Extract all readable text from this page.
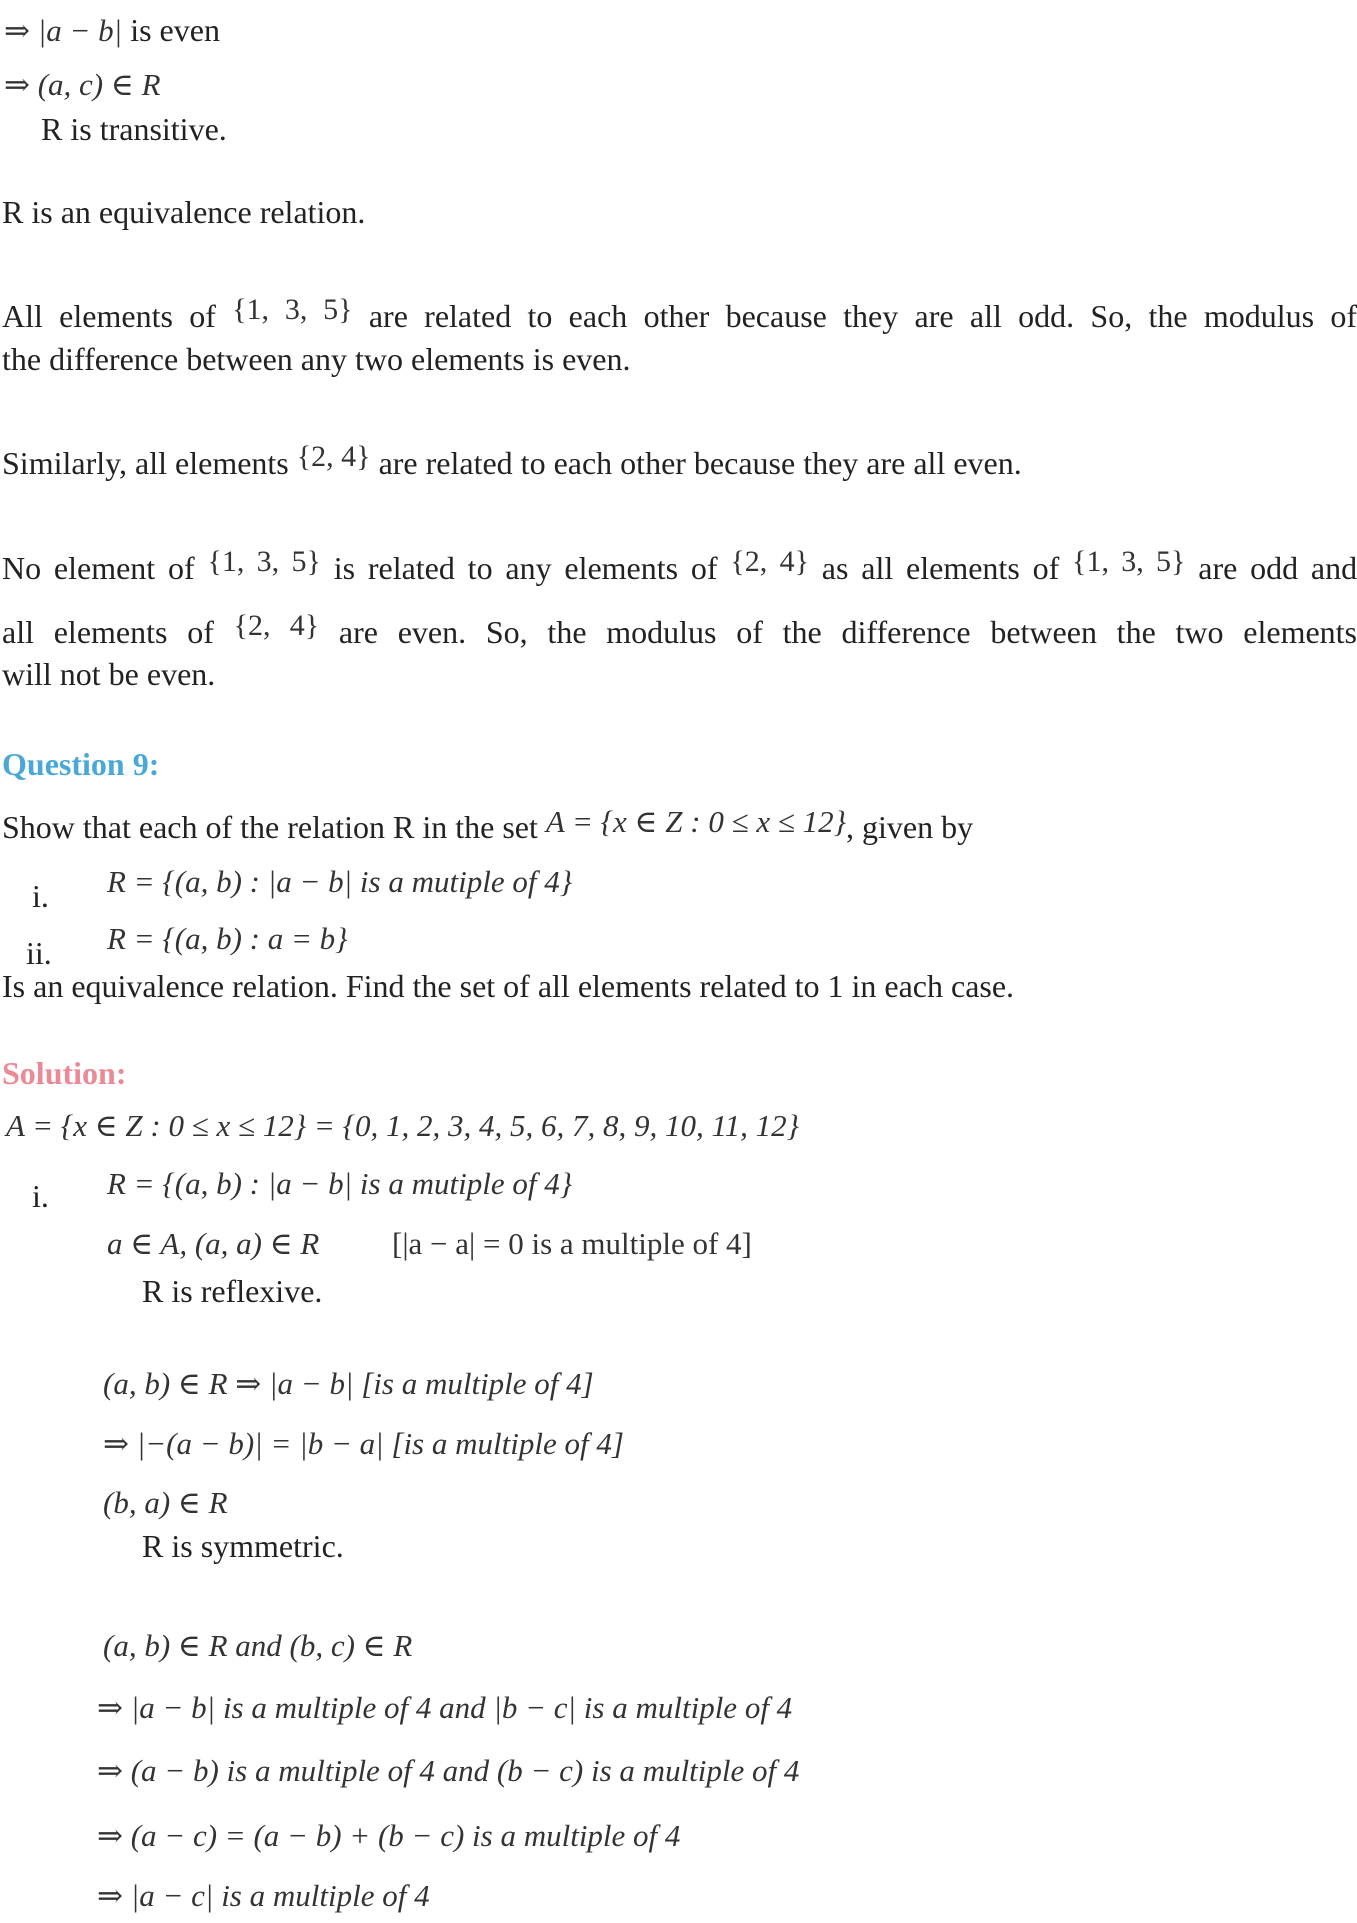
⇒ |a − b| is even
⇒ (a, c) ∈ R
R is transitive.
R is an equivalence relation.
All elements of {1, 3, 5} are related to each other because they are all odd. So, the modulus of
the difference between any two elements is even.
Similarly, all elements {2, 4} are related to each other because they are all even.
No element of {1, 3, 5} is related to any elements of {2, 4} as all elements of {1, 3, 5} are odd and
all elements of {2, 4} are even. So, the modulus of the difference between the two elements
will not be even.
Question 9:
Show that each of the relation R in the set A = {x ∈ Z : 0 ≤ x ≤ 12}, given by
i. R = {(a, b) : |a − b| is a mutiple of 4}
ii. R = {(a, b) : a = b}
Is an equivalence relation. Find the set of all elements related to 1 in each case.
Solution:
A = {x ∈ Z : 0 ≤ x ≤ 12} = {0, 1, 2, 3, 4, 5, 6, 7, 8, 9, 10, 11, 12}
i. R = {(a, b) : |a − b| is a mutiple of 4}
a ∈ A, (a, a) ∈ R [|a − a| = 0 is a multiple of 4]
R is reflexive.
(a, b) ∈ R ⇒ |a − b| [is a multiple of 4]
⇒ |−(a − b)| = |b − a| [is a multiple of 4]
(b, a) ∈ R
R is symmetric.
(a, b) ∈ R and (b, c) ∈ R
⇒ |a − b| is a multiple of 4 and |b − c| is a multiple of 4
⇒ (a − b) is a multiple of 4 and (b − c) is a multiple of 4
⇒ (a − c) = (a − b) + (b − c) is a multiple of 4
⇒ |a − c| is a multiple of 4
